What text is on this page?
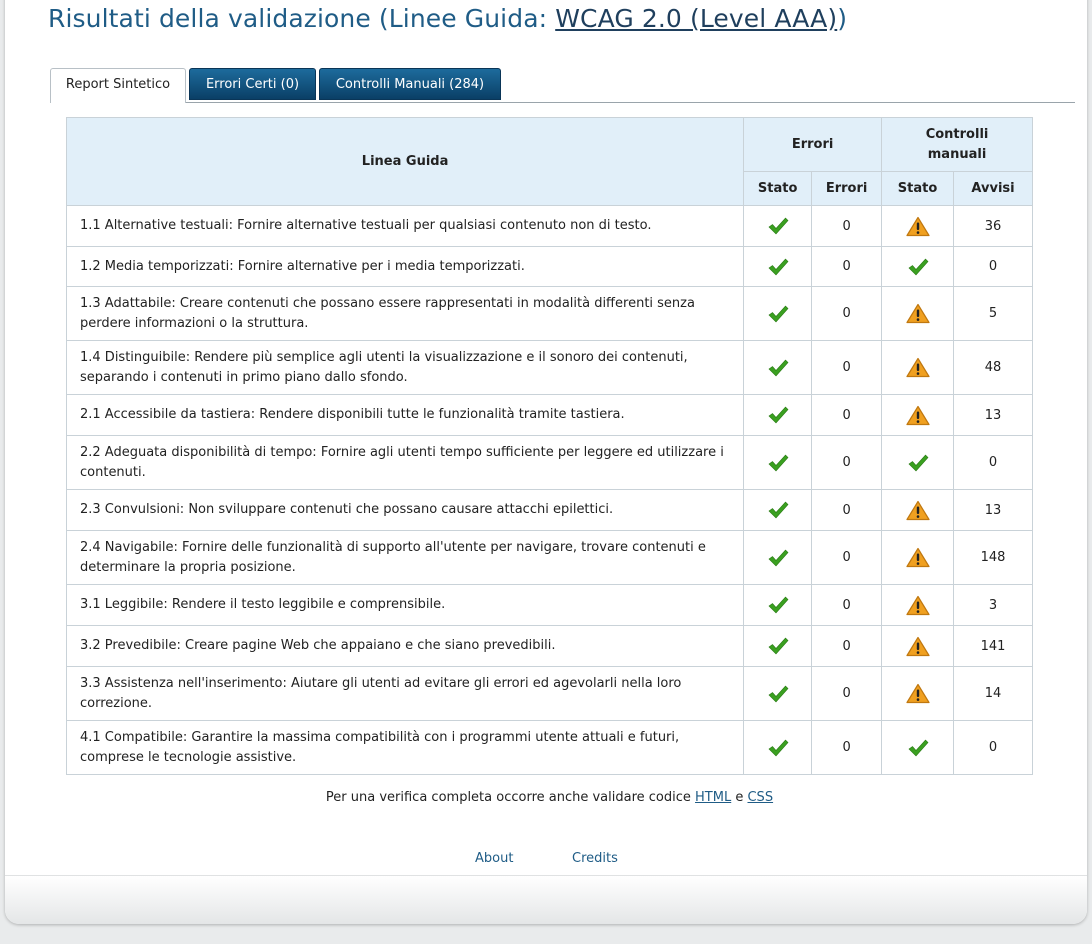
Risultati della validazione (Linee Guida: WCAG 2.0 (Level AAA))
Report Sintetico	Errori Certi (0)	Controlli Manuali (284)
Linea Guida	Errori		Controlli manuali	
	Stato	Errori	Stato	Avvisi
1.1 Alternative testuali: Fornire alternative testuali per qualsiasi contenuto non di testo.		0		36
1.2 Media temporizzati: Fornire alternative per i media temporizzati.		0		0
1.3 Adattabile: Creare contenuti che possano essere rappresentati in modalità differenti senza perdere informazioni o la struttura.		0		5
1.4 Distinguibile: Rendere più semplice agli utenti la visualizzazione e il sonoro dei contenuti, separando i contenuti in primo piano dallo sfondo.		0		48
2.1 Accessibile da tastiera: Rendere disponibili tutte le funzionalità tramite tastiera.		0		13
2.2 Adeguata disponibilità di tempo: Fornire agli utenti tempo sufficiente per leggere ed utilizzare i contenuti.		0		0
2.3 Convulsioni: Non sviluppare contenuti che possano causare attacchi epilettici.		0		13
2.4 Navigabile: Fornire delle funzionalità di supporto all'utente per navigare, trovare contenuti e determinare la propria posizione.		0		148
3.1 Leggibile: Rendere il testo leggibile e comprensibile.		0		3
3.2 Prevedibile: Creare pagine Web che appaiano e che siano prevedibili.		0		141
3.3 Assistenza nell'inserimento: Aiutare gli utenti ad evitare gli errori ed agevolarli nella loro correzione.		0		14
4.1 Compatibile: Garantire la massima compatibilità con i programmi utente attuali e futuri, comprese le tecnologie assistive.		0		0
Per una verifica completa occorre anche validare codice HTML e CSS
About	Credits
